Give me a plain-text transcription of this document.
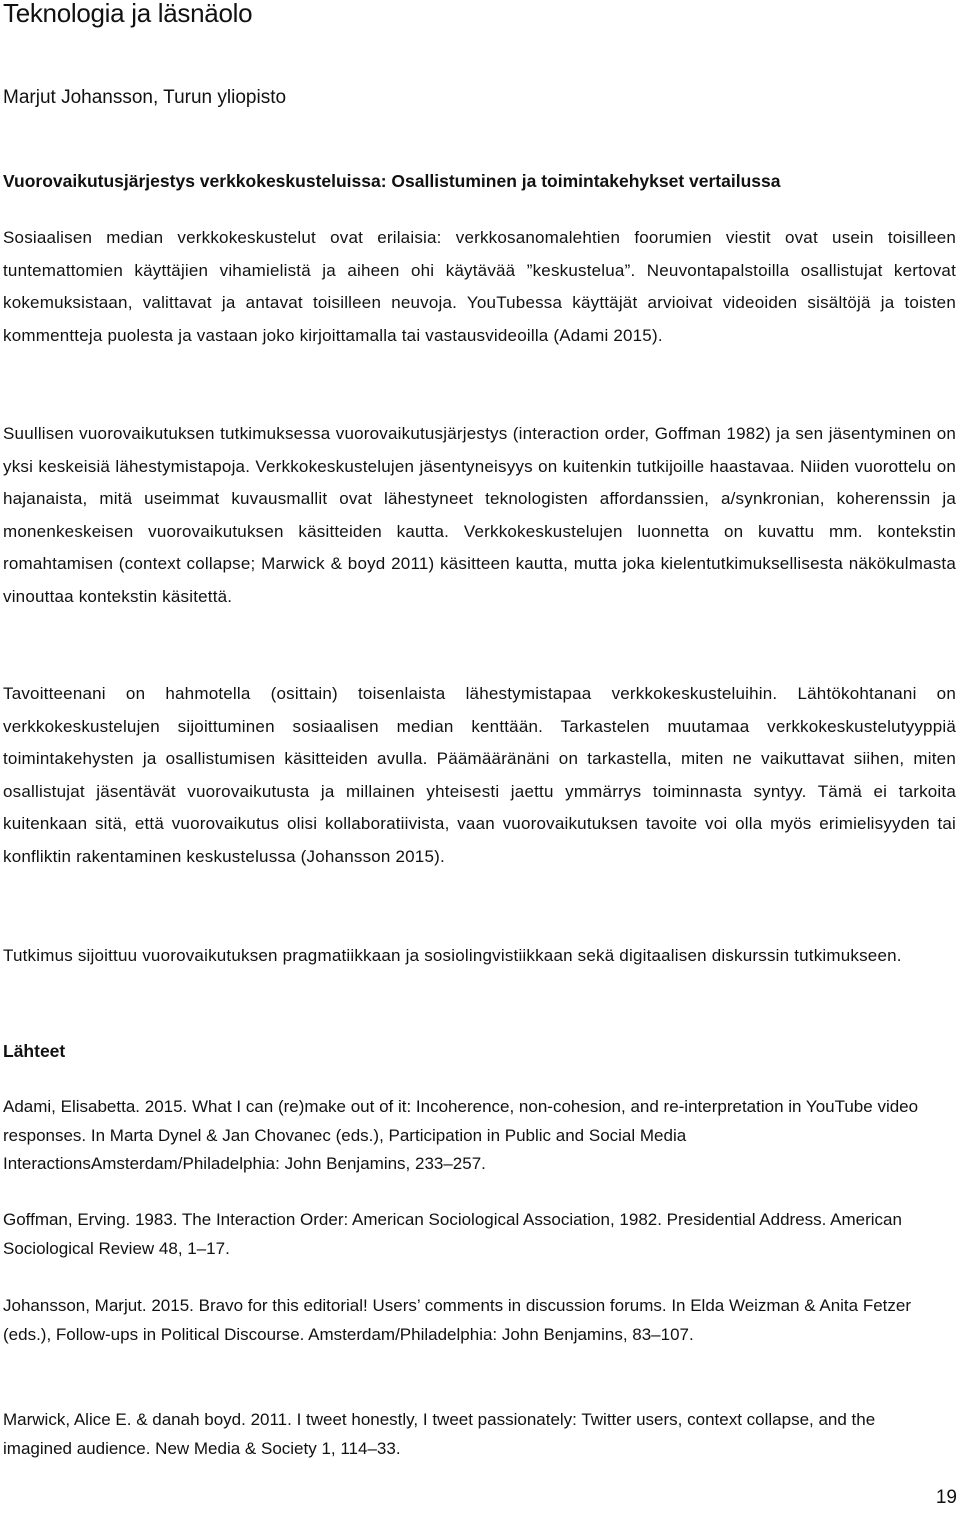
Teknologia ja läsnäolo

Marjut Johansson, Turun yliopisto

Vuorovaikutusjärjestys verkkokeskusteluissa: Osallistuminen ja toimintakehykset vertailussa

Sosiaalisen median verkkokeskustelut ovat erilaisia: verkkosanomalehtien foorumien viestit ovat usein toisilleen tuntemattomien käyttäjien vihamielistä ja aiheen ohi käytävää ”keskustelua”. Neuvontapalstoilla osallistujat kertovat kokemuksistaan, valittavat ja antavat toisilleen neuvoja. YouTubessa käyttäjät arvioivat videoiden sisältöjä ja toisten kommentteja puolesta ja vastaan joko kirjoittamalla tai vastausvideoilla (Adami 2015).

Suullisen vuorovaikutuksen tutkimuksessa vuorovaikutusjärjestys (interaction order, Goffman 1982) ja sen jäsentyminen on yksi keskeisiä lähestymistapoja. Verkkokeskustelujen jäsentyneisyys on kuitenkin tutkijoille haastavaa. Niiden vuorottelu on hajanaista, mitä useimmat kuvausmallit ovat lähestyneet teknologisten affordanssien, a/synkronian, koherenssin ja monenkeskeisen vuorovaikutuksen käsitteiden kautta. Verkkokeskustelujen luonnetta on kuvattu mm. kontekstin romahtamisen (context collapse; Marwick & boyd 2011) käsitteen kautta, mutta joka kielentutkimuksellisesta näkökulmasta vinouttaa kontekstin käsitettä.

Tavoitteenani on hahmotella (osittain) toisenlaista lähestymistapaa verkkokeskusteluihin. Lähtökohtanani on verkkokeskustelujen sijoittuminen sosiaalisen median kenttään. Tarkastelen muutamaa verkkokeskustelutyyppiä toimintakehysten ja osallistumisen käsitteiden avulla. Päämääränäni on tarkastella, miten ne vaikuttavat siihen, miten osallistujat jäsentävät vuorovaikutusta ja millainen yhteisesti jaettu ymmärrys toiminnasta syntyy. Tämä ei tarkoita kuitenkaan sitä, että vuorovaikutus olisi kollaboratiivista, vaan vuorovaikutuksen tavoite voi olla myös erimielisyyden tai konfliktin rakentaminen keskustelussa (Johansson 2015).

Tutkimus sijoittuu vuorovaikutuksen pragmatiikkaan ja sosiolingvistiikkaan sekä digitaalisen diskurssin tutkimukseen.

Lähteet

Adami, Elisabetta. 2015. What I can (re)make out of it: Incoherence, non-cohesion, and re-interpretation in YouTube video responses. In Marta Dynel & Jan Chovanec (eds.), Participation in Public and Social Media InteractionsAmsterdam/Philadelphia: John Benjamins, 233–257.

Goffman, Erving. 1983. The Interaction Order: American Sociological Association, 1982. Presidential Address. American Sociological Review 48, 1–17.

Johansson, Marjut. 2015. Bravo for this editorial! Users’ comments in discussion forums. In Elda Weizman & Anita Fetzer (eds.), Follow-ups in Political Discourse. Amsterdam/Philadelphia: John Benjamins, 83–107.

Marwick, Alice E. & danah boyd. 2011. I tweet honestly, I tweet passionately: Twitter users, context collapse, and the imagined audience. New Media & Society 1, 114–33.

19
